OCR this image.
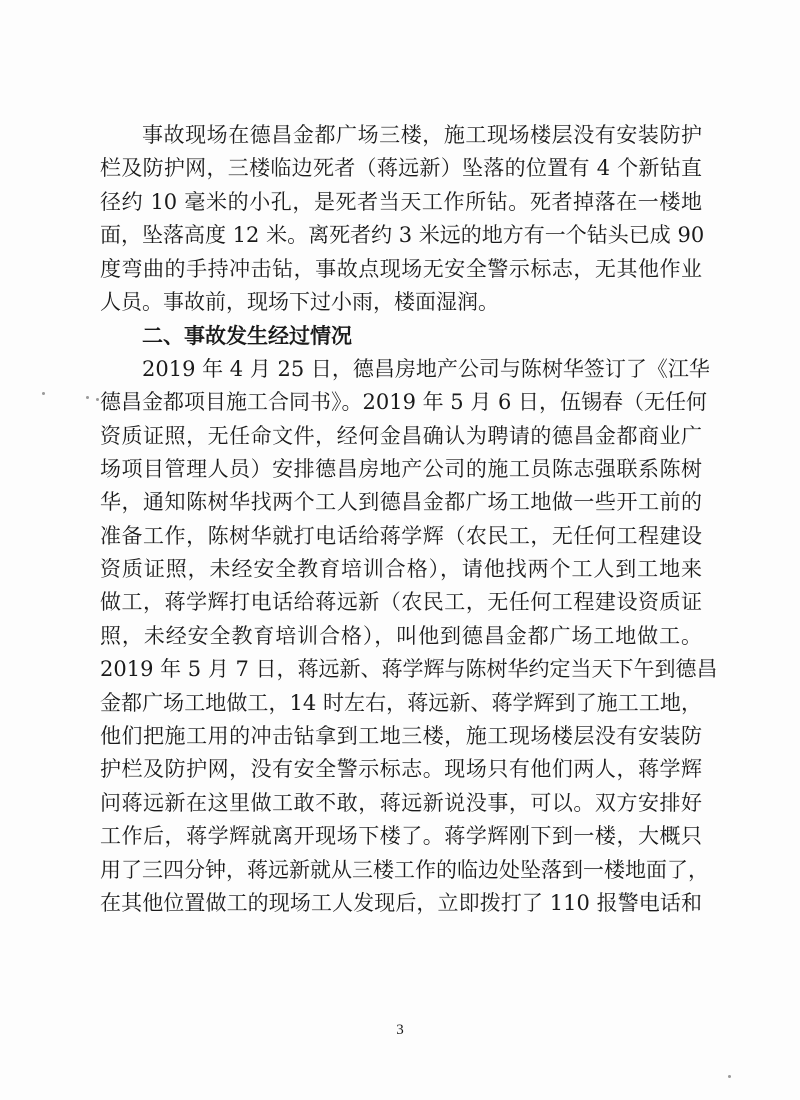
事故现场在德昌金都广场三楼，施工现场楼层没有安装防护
栏及防护网，三楼临边死者（蒋远新）坠落的位置有 4 个新钻直
径约 10 毫米的小孔，是死者当天工作所钻。死者掉落在一楼地
面，坠落高度 12 米。离死者约 3 米远的地方有一个钻头已成 90
度弯曲的手持冲击钻，事故点现场无安全警示标志，无其他作业
人员。事故前，现场下过小雨，楼面湿润。
二、事故发生经过情况
2019 年 4 月 25 日，德昌房地产公司与陈树华签订了《江华
德昌金都项目施工合同书》。2019 年 5 月 6 日，伍锡春（无任何
资质证照，无任命文件，经何金昌确认为聘请的德昌金都商业广
场项目管理人员）安排德昌房地产公司的施工员陈志强联系陈树
华，通知陈树华找两个工人到德昌金都广场工地做一些开工前的
准备工作，陈树华就打电话给蒋学辉（农民工，无任何工程建设
资质证照，未经安全教育培训合格），请他找两个工人到工地来
做工，蒋学辉打电话给蒋远新（农民工，无任何工程建设资质证
照，未经安全教育培训合格），叫他到德昌金都广场工地做工。
2019 年 5 月 7 日，蒋远新、蒋学辉与陈树华约定当天下午到德昌
金都广场工地做工，14 时左右，蒋远新、蒋学辉到了施工工地，
他们把施工用的冲击钻拿到工地三楼，施工现场楼层没有安装防
护栏及防护网，没有安全警示标志。现场只有他们两人，蒋学辉
问蒋远新在这里做工敢不敢，蒋远新说没事，可以。双方安排好
工作后，蒋学辉就离开现场下楼了。蒋学辉刚下到一楼，大概只
用了三四分钟，蒋远新就从三楼工作的临边处坠落到一楼地面了，
在其他位置做工的现场工人发现后，立即拨打了 110 报警电话和
3
